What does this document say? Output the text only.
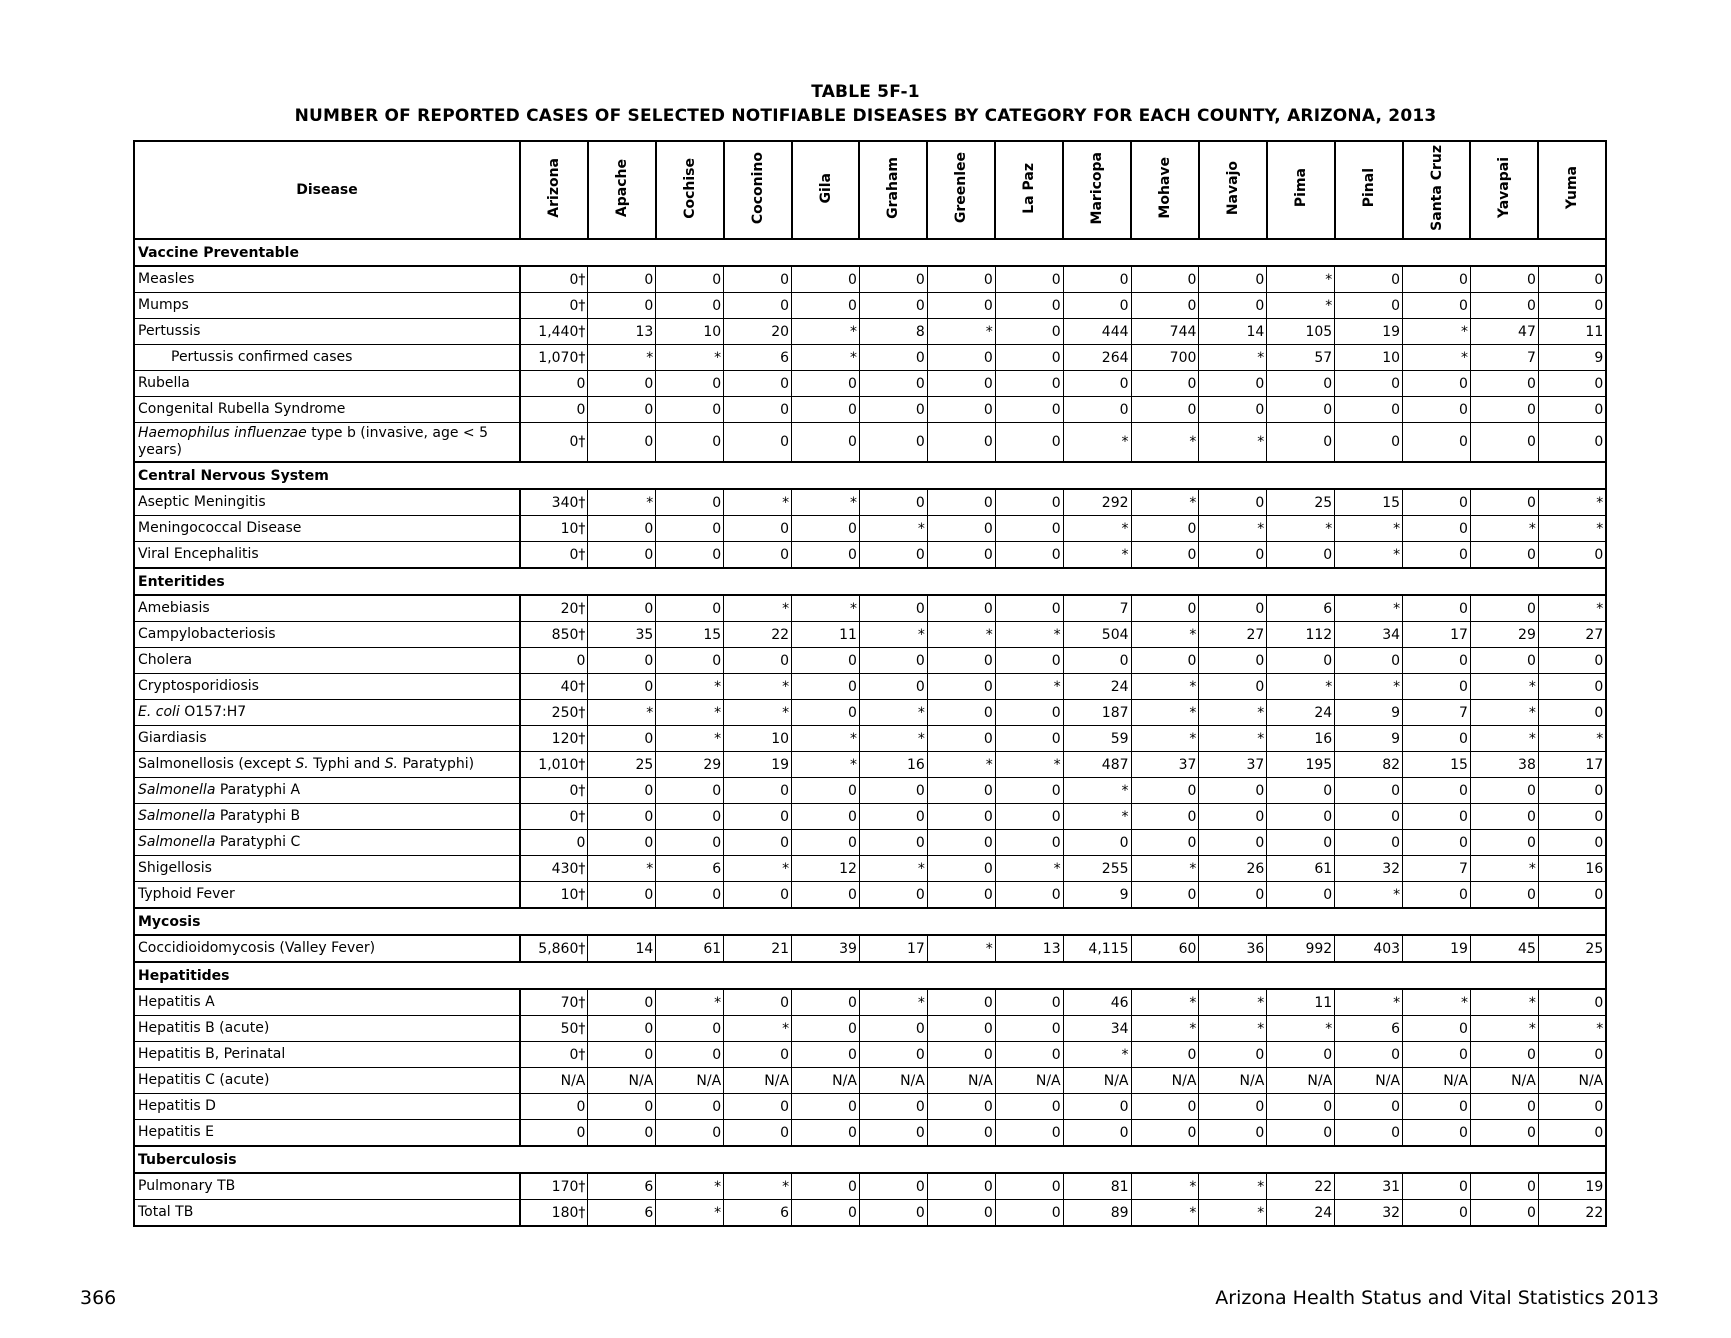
TABLE 5F-1
NUMBER OF REPORTED CASES OF SELECTED NOTIFIABLE DISEASES BY CATEGORY FOR EACH COUNTY, ARIZONA, 2013
Disease	Arizona	Apache	Cochise	Coconino	Gila	Graham	Greenlee	La Paz	Maricopa	Mohave	Navajo	Pima	Pinal	Santa Cruz	Yavapai	Yuma
Vaccine Preventable																
Measles	0†	0	0	0	0	0	0	0	0	0	0	*	0	0	0	0
Mumps	0†	0	0	0	0	0	0	0	0	0	0	*	0	0	0	0
Pertussis	1,440†	13	10	20	*	8	*	0	444	744	14	105	19	*	47	11
Pertussis confirmed cases	1,070†	*	*	6	*	0	0	0	264	700	*	57	10	*	7	9
Rubella	0	0	0	0	0	0	0	0	0	0	0	0	0	0	0	0
Congenital Rubella Syndrome	0	0	0	0	0	0	0	0	0	0	0	0	0	0	0	0
Haemophilus influenzae type b (invasive, age < 5 years)	0†	0	0	0	0	0	0	0	*	*	*	0	0	0	0	0
Central Nervous System																
Aseptic Meningitis	340†	*	0	*	*	0	0	0	292	*	0	25	15	0	0	*
Meningococcal Disease	10†	0	0	0	0	*	0	0	*	0	*	*	*	0	*	*
Viral Encephalitis	0†	0	0	0	0	0	0	0	*	0	0	0	*	0	0	0
Enteritides																
Amebiasis	20†	0	0	*	*	0	0	0	7	0	0	6	*	0	0	*
Campylobacteriosis	850†	35	15	22	11	*	*	*	504	*	27	112	34	17	29	27
Cholera	0	0	0	0	0	0	0	0	0	0	0	0	0	0	0	0
Cryptosporidiosis	40†	0	*	*	0	0	0	*	24	*	0	*	*	0	*	0
E. coli O157:H7	250†	*	*	*	0	*	0	0	187	*	*	24	9	7	*	0
Giardiasis	120†	0	*	10	*	*	0	0	59	*	*	16	9	0	*	*
Salmonellosis (except S. Typhi and S. Paratyphi)	1,010†	25	29	19	*	16	*	*	487	37	37	195	82	15	38	17
Salmonella Paratyphi A	0†	0	0	0	0	0	0	0	*	0	0	0	0	0	0	0
Salmonella Paratyphi B	0†	0	0	0	0	0	0	0	*	0	0	0	0	0	0	0
Salmonella Paratyphi C	0	0	0	0	0	0	0	0	0	0	0	0	0	0	0	0
Shigellosis	430†	*	6	*	12	*	0	*	255	*	26	61	32	7	*	16
Typhoid Fever	10†	0	0	0	0	0	0	0	9	0	0	0	*	0	0	0
Mycosis																
Coccidioidomycosis (Valley Fever)	5,860†	14	61	21	39	17	*	13	4,115	60	36	992	403	19	45	25
Hepatitides																
Hepatitis A	70†	0	*	0	0	*	0	0	46	*	*	11	*	*	*	0
Hepatitis B (acute)	50†	0	0	*	0	0	0	0	34	*	*	*	6	0	*	*
Hepatitis B, Perinatal	0†	0	0	0	0	0	0	0	*	0	0	0	0	0	0	0
Hepatitis C (acute)	N/A	N/A	N/A	N/A	N/A	N/A	N/A	N/A	N/A	N/A	N/A	N/A	N/A	N/A	N/A	N/A
Hepatitis D	0	0	0	0	0	0	0	0	0	0	0	0	0	0	0	0
Hepatitis E	0	0	0	0	0	0	0	0	0	0	0	0	0	0	0	0
Tuberculosis																
Pulmonary TB	170†	6	*	*	0	0	0	0	81	*	*	22	31	0	0	19
Total TB	180†	6	*	6	0	0	0	0	89	*	*	24	32	0	0	22
366	Arizona Health Status and Vital Statistics 2013
